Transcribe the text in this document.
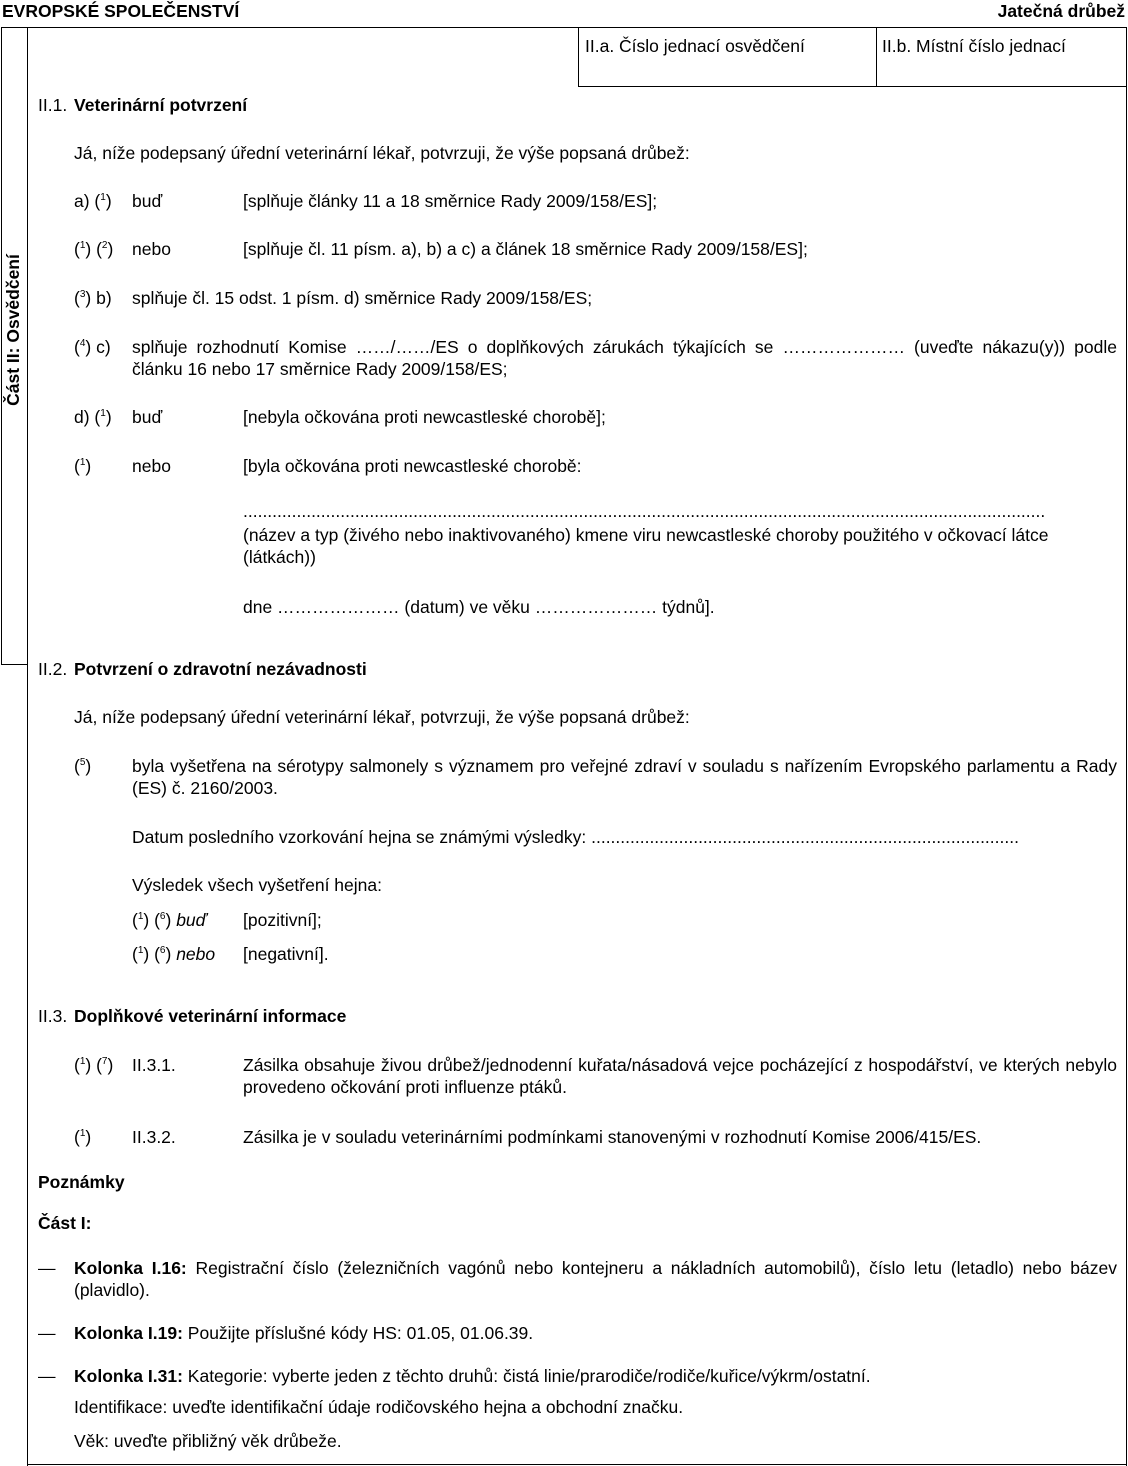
EVROPSKÉ SPOLEČENSTVÍ	Jatečná drůbež
Část II: Osvědčení
II.a. Číslo jednací osvědčení	II.b. Místní číslo jednací
II.1. Veterinární potvrzení
Já, níže podepsaný úřední veterinární lékař, potvrzuji, že výše popsaná drůbež:
a) ($^1$) buď	[splňuje články 11 a 18 směrnice Rady 2009/158/ES];
($^1$) ($^2$) nebo	[splňuje čl. 11 písm. a), b) a c) a článek 18 směrnice Rady 2009/158/ES];
($^3$) b) splňuje čl. 15 odst. 1 písm. d) směrnice Rady 2009/158/ES;
($^4$) c) splňuje rozhodnutí Komise ……/……/ES o doplňkových zárukách týkajících se ………………… (uveďte nákazu(y)) podle článku 16 nebo 17 směrnice Rady 2009/158/ES;
d) ($^1$) buď	[nebyla očkována proti newcastleské chorobě];
($^1$) nebo	[byla očkována proti newcastleské chorobě:
.....................................................................................................................................................................
(název a typ (živého nebo inaktivovaného) kmene viru newcastleské choroby použitého v očkovací látce (látkách))
dne ………………… (datum) ve věku ………………… týdnů].
II.2. Potvrzení o zdravotní nezávadnosti
Já, níže podepsaný úřední veterinární lékař, potvrzuji, že výše popsaná drůbež:
($^5$) byla vyšetřena na sérotypy salmonely s významem pro veřejné zdraví v souladu s nařízením Evropského parlamentu a Rady (ES) č. 2160/2003.
Datum posledního vzorkování hejna se známými výsledky: ........................................................................................
Výsledek všech vyšetření hejna:
($^1$) ($^6$) buď [pozitivní];
($^1$) ($^6$) nebo [negativní].
II.3. Doplňkové veterinární informace
($^1$) ($^7$) II.3.1.	Zásilka obsahuje živou drůbež/jednodenní kuřata/násadová vejce pocházející z hospodářství, ve kterých nebylo provedeno očkování proti influenze ptáků.
($^1$) II.3.2.	Zásilka je v souladu veterinárními podmínkami stanovenými v rozhodnutí Komise 2006/415/ES.
Poznámky
Část I:
— Kolonka I.16: Registrační číslo (železničních vagónů nebo kontejneru a nákladních automobilů), číslo letu (letadlo) nebo bázev (plavidlo).
— Kolonka I.19: Použijte příslušné kódy HS: 01.05, 01.06.39.
— Kolonka I.31: Kategorie: vyberte jeden z těchto druhů: čistá linie/prarodiče/rodiče/kuřice/výkrm/ostatní.
Identifikace: uveďte identifikační údaje rodičovského hejna a obchodní značku.
Věk: uveďte přibližný věk drůbeže.
